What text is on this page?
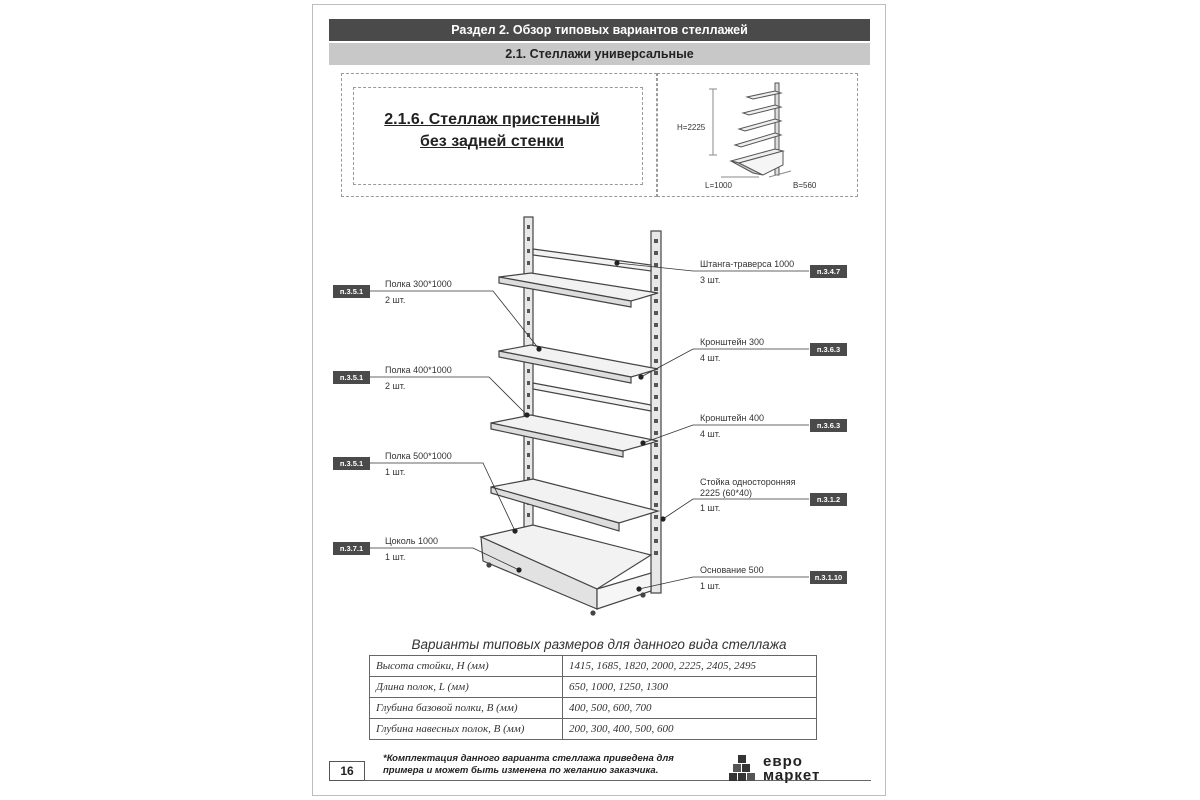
Раздел 2. Обзор типовых вариантов стеллажей
2.1. Стеллажи универсальные
2.1.6. Стеллаж пристенный
без задней стенки
H=2225
L=1000	B=560
п.3.5.1
Полка 300*1000
2 шт.
п.3.5.1
Полка 400*1000
2 шт.
п.3.5.1
Полка 500*1000
1 шт.
п.3.7.1
Цоколь 1000
1 шт.
Штанга-траверса 1000
3 шт.
п.3.4.7
Кронштейн 300
4 шт.
п.3.6.3
Кронштейн 400
4 шт.
п.3.6.3
Стойка односторонняя
2225 (60*40)
1 шт.
п.3.1.2
Основание 500
1 шт.
п.3.1.10
Варианты типовых размеров для данного вида стеллажа
Высота стойки, H (мм)	1415, 1685, 1820, 2000, 2225, 2405, 2495
Длина полок, L (мм)	650, 1000, 1250, 1300
Глубина базовой полки, B (мм)	400, 500, 600, 700
Глубина навесных полок, B (мм)	200, 300, 400, 500, 600
16
*Комплектация данного варианта стеллажа приведена для примера и может быть изменена по желанию заказчика.
евро
маркет
